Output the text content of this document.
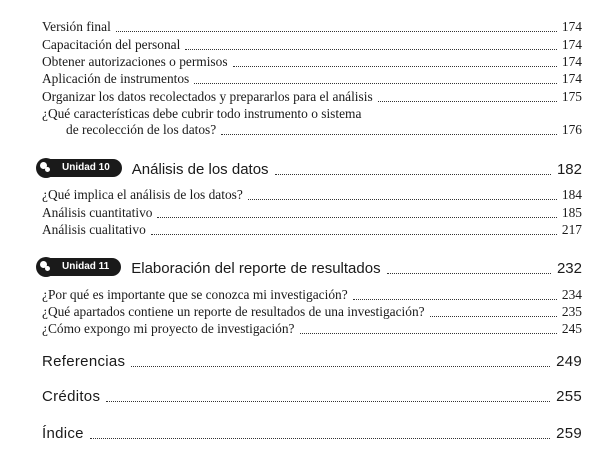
Versión final	174
Capacitación del personal	174
Obtener autorizaciones o permisos	174
Aplicación de instrumentos	174
Organizar los datos recolectados y prepararlos para el análisis	175
¿Qué características debe cubrir todo instrumento o sistema
de recolección de los datos?	176
Unidad 10	Análisis de los datos	182
¿Qué implica el análisis de los datos?	184
Análisis cuantitativo	185
Análisis cualitativo	217
Unidad 11	Elaboración del reporte de resultados	232
¿Por qué es importante que se conozca mi investigación?	234
¿Qué apartados contiene un reporte de resultados de una investigación?	235
¿Cómo expongo mi proyecto de investigación?	245
Referencias	249
Créditos	255
Índice	259
